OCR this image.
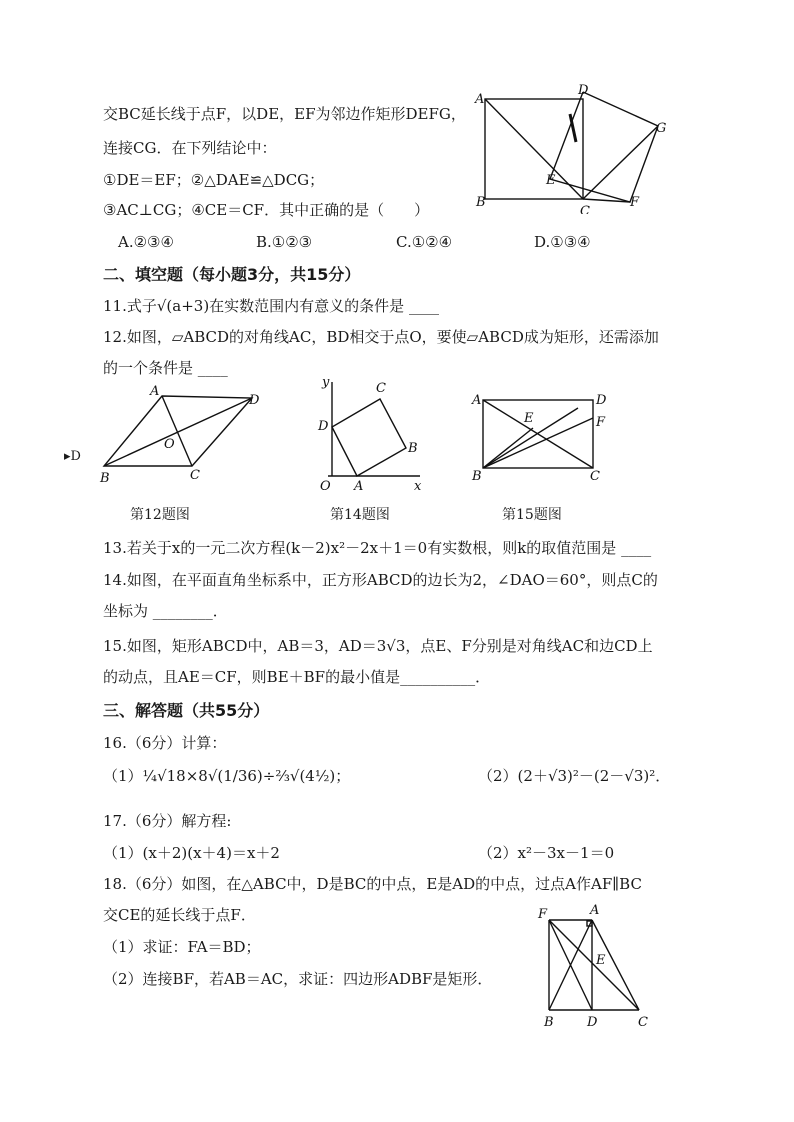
交BC延长线于点F，以DE，EF为邻边作矩形DEFG，
连接CG．在下列结论中：
①DE＝EF；②△DAE≌△DCG；
③AC⊥CG；④CE＝CF．其中正确的是（　　）
A.②③④	B.①②③	C.①②④	D.①③④
A
D
G
E
B
C
F
二、填空题（每小题3分，共15分）
11.式子√(a+3)在实数范围内有意义的条件是 ____
12.如图，▱ABCD的对角线AC，BD相交于点O，要使▱ABCD成为矩形，还需添加
的一个条件是 ____
▸D
A
D
O
B	C
y	C
D
B
O A	x
A	D
E	F
B	C
第12题图	第14题图	第15题图
13.若关于x的一元二次方程(k－2)x²－2x＋1＝0有实数根，则k的取值范围是 ____
14.如图，在平面直角坐标系中，正方形ABCD的边长为2，∠DAO＝60°，则点C的
坐标为 ________．
15.如图，矩形ABCD中，AB＝3，AD＝3√3，点E、F分别是对角线AC和边CD上
的动点，且AE＝CF，则BE＋BF的最小值是__________．
三、解答题（共55分）
16.（6分）计算：
（1）¼√18×8√(1/36)÷⅔√(4½)；	（2）(2＋√3)²－(2－√3)²．
17.（6分）解方程:
（1）(x＋2)(x＋4)＝x＋2	（2）x²－3x－1＝0
18.（6分）如图，在△ABC中，D是BC的中点，E是AD的中点，过点A作AF∥BC
交CE的延长线于点F．
（1）求证：FA＝BD；
（2）连接BF，若AB＝AC，求证：四边形ADBF是矩形．
F	A
E
B	D	C
